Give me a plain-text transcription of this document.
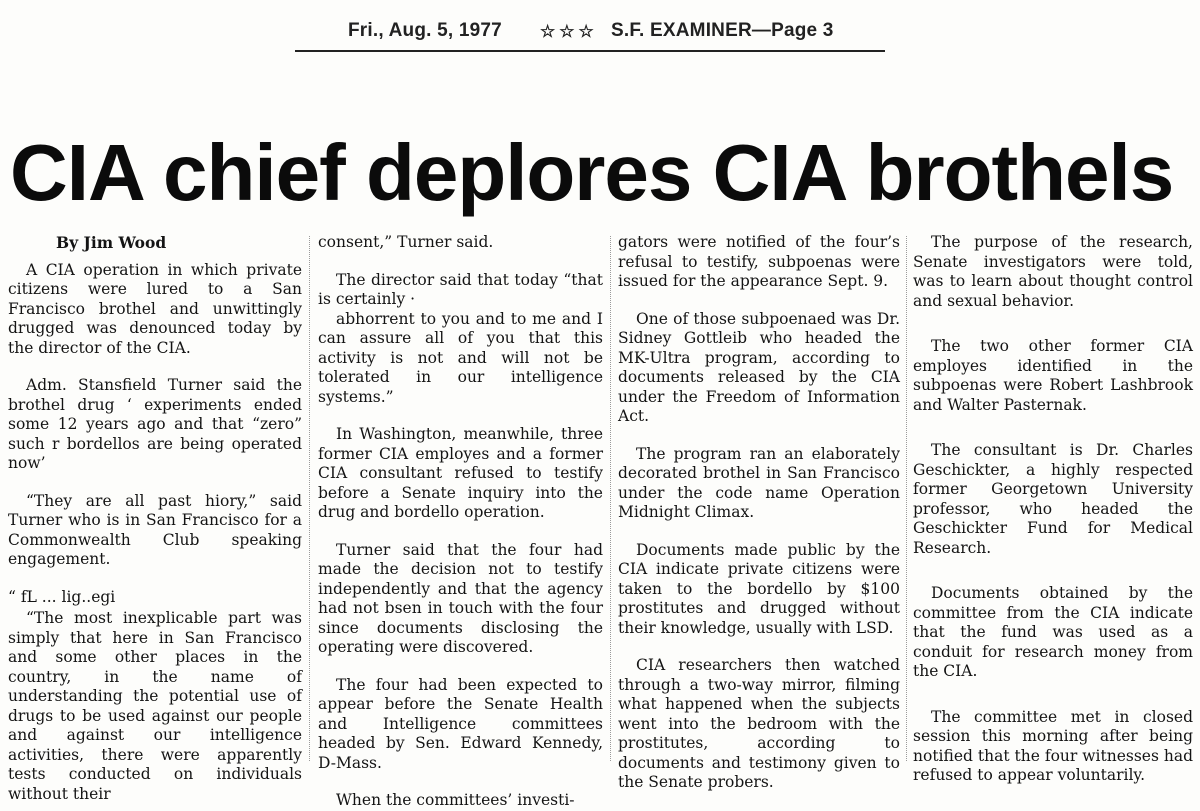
Fri., Aug. 5, 1977 ☆☆☆ S.F. EXAMINER—Page 3
CIA chief deplores CIA brothels

By Jim Wood

A CIA operation in which private citizens were lured to a San Francisco brothel and unwittingly drugged was denounced today by the director of the CIA.

Adm. Stansfield Turner said the brothel drug ‘ experiments ended some 12 years ago and that “zero” such r bordellos are being operated now’

“They are all past hiory,” said Turner who is in San Francisco for a Commonwealth Club speaking engagement.

“ fL ... lig..egi

“The most inexplicable part was simply that here in San Francisco and some other places in the country, in the name of understanding the potential use of drugs to be used against our people and against our intelligence activities, there were apparently tests conducted on individuals without their

consent,” Turner said.

The director said that today “that is certainly ·

abhorrent to you and to me and I can assure all of you that this activity is not and will not be tolerated in our intelligence systems.”

In Washington, meanwhile, three former CIA employes and a former CIA consultant refused to testify before a Senate inquiry into the drug and bordello operation.

Turner said that the four had made the decision not to testify independently and that the agency had not bsen in touch with the four since documents disclosing the operating were discovered.

The four had been expected to appear before the Senate Health and Intelligence committees headed by Sen. Edward Kennedy, D-Mass.

When the committees’ investi-

gators were notified of the four’s refusal to testify, subpoenas were issued for the appearance Sept. 9.

One of those subpoenaed was Dr. Sidney Gottleib who headed the MK-Ultra program, according to documents released by the CIA under the Freedom of Information Act.

The program ran an elaborately decorated brothel in San Francisco under the code name Operation Midnight Climax.

Documents made public by the CIA indicate private citizens were taken to the bordello by $100 prostitutes and drugged without their knowledge, usually with LSD.

CIA researchers then watched through a two-way mirror, filming what happened when the subjects went into the bedroom with the prostitutes, according to documents and testimony given to the Senate probers.

The purpose of the research, Senate investigators were told, was to learn about thought control and sexual behavior.

The two other former CIA employes identified in the subpoenas were Robert Lashbrook and Walter Pasternak.

The consultant is Dr. Charles Geschickter, a highly respected former Georgetown University professor, who headed the Geschickter Fund for Medical Research.

Documents obtained by the committee from the CIA indicate that the fund was used as a conduit for research money from the CIA.

The committee met in closed session this morning after being notified that the four witnesses had refused to appear voluntarily.
